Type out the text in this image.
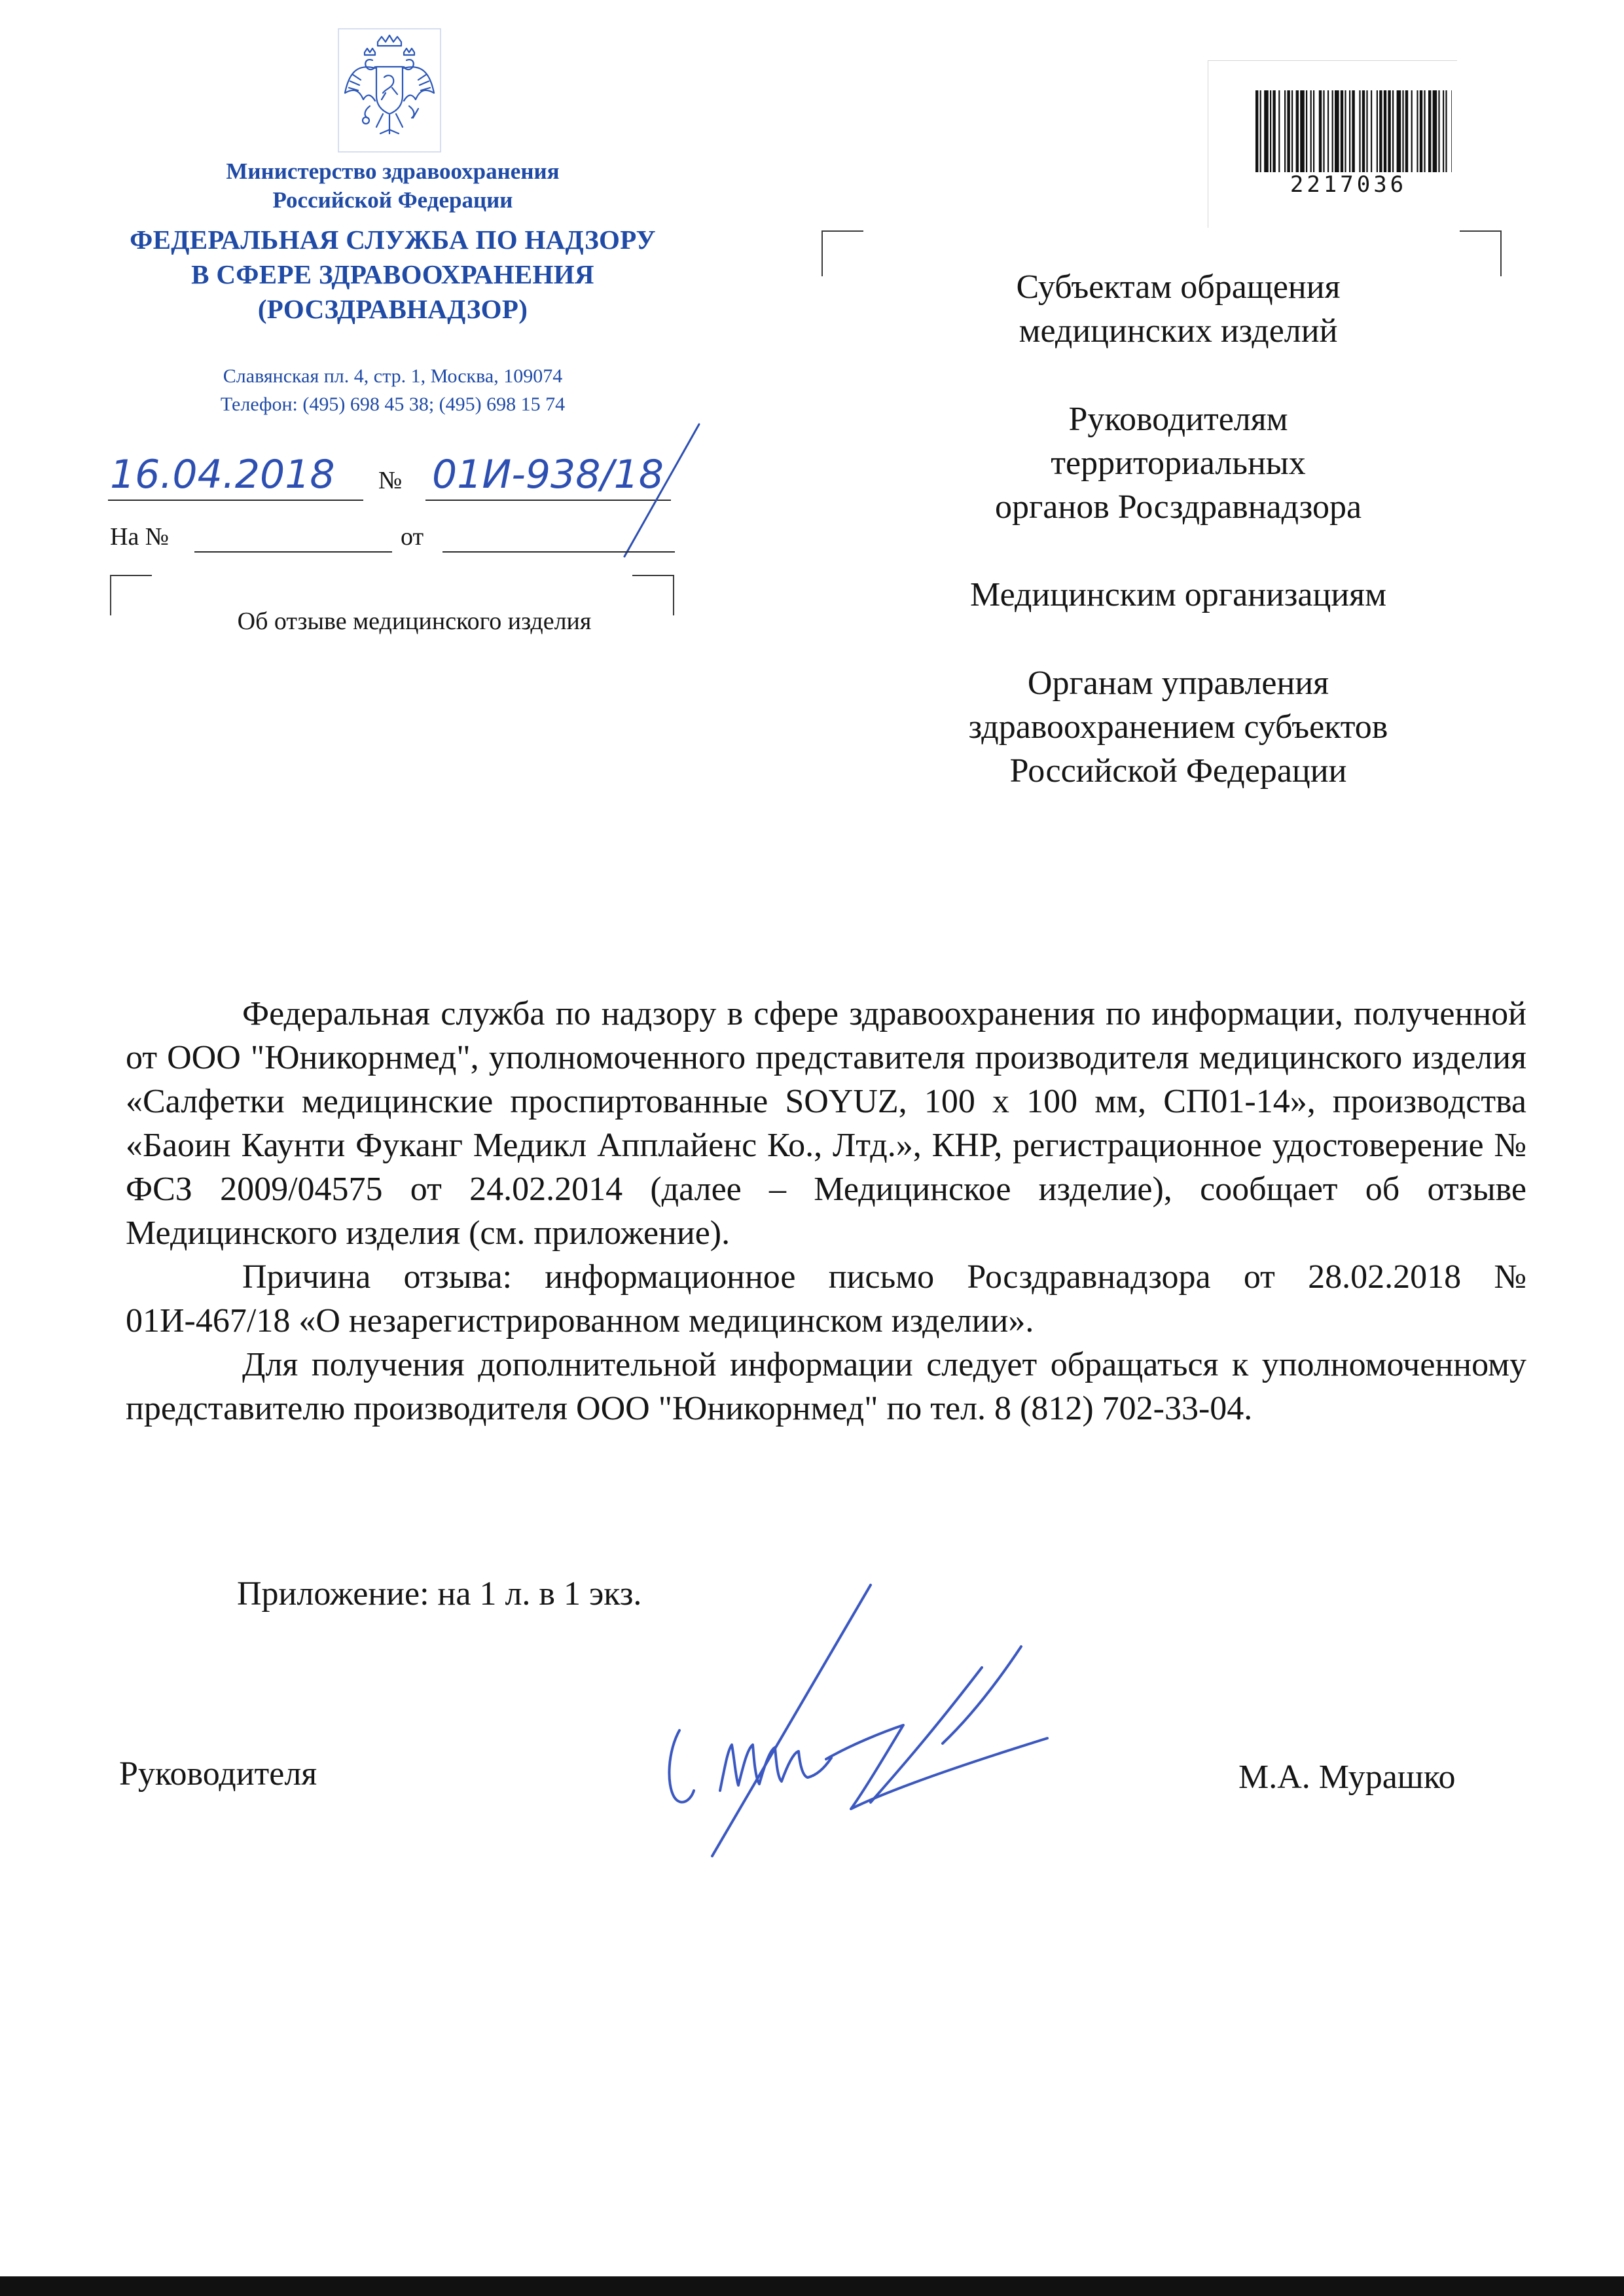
Министерство здравоохранения
Российской Федерации
ФЕДЕРАЛЬНАЯ СЛУЖБА ПО НАДЗОРУ
В СФЕРЕ ЗДРАВООХРАНЕНИЯ
(РОСЗДРАВНАДЗОР)
Славянская пл. 4, стр. 1, Москва, 109074
Телефон: (495) 698 45 38; (495) 698 15 74
16.04.2018 № 01И-938/18
На №	от
Об отзыве медицинского изделия
2217036
Субъектам обращения
медицинских изделий
Руководителям
территориальных
органов Росздравнадзора
Медицинским организациям
Органам управления
здравоохранением субъектов
Российской Федерации

Федеральная служба по надзору в сфере здравоохранения по информации, полученной от ООО "Юникорнмед", уполномоченного представителя производителя медицинского изделия «Салфетки медицинские проспиртованные SOYUZ, 100 х 100 мм, СП01-14», производства «Баоин Каунти Фуканг Медикл Апплайенс Ко., Лтд.», КНР, регистрационное удостоверение № ФСЗ 2009/04575 от 24.02.2014 (далее – Медицинское изделие), сообщает об отзыве Медицинского изделия (см. приложение).

Причина отзыва: информационное письмо Росздравнадзора от 28.02.2018 № 01И-467/18 «О незарегистрированном медицинском изделии».

Для получения дополнительной информации следует обращаться к уполномоченному представителю производителя ООО "Юникорнмед" по тел. 8 (812) 702-33-04.

Приложение: на 1 л. в 1 экз.
Руководителя	М.А. Мурашко
